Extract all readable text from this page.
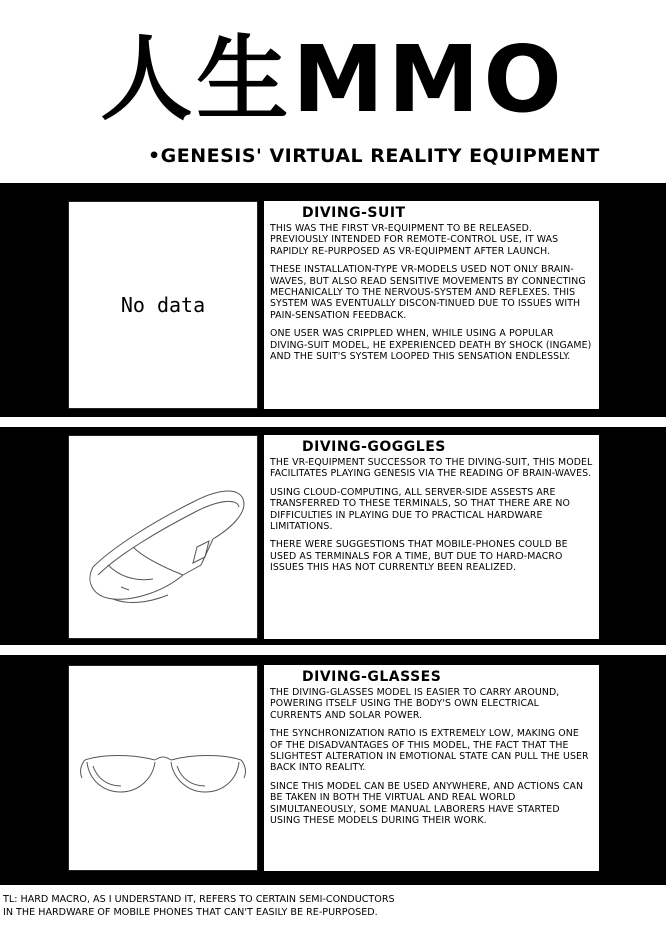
人生MMO
•GENESIS' VIRTUAL REALITY EQUIPMENT
No data
DIVING-SUIT

THIS WAS THE FIRST VR-EQUIPMENT TO BE RELEASED. PREVIOUSLY INTENDED FOR REMOTE-CONTROL USE, IT WAS RAPIDLY RE-PURPOSED AS VR-EQUIPMENT AFTER LAUNCH.

THESE INSTALLATION-TYPE VR-MODELS USED NOT ONLY BRAIN-WAVES, BUT ALSO READ SENSITIVE MOVEMENTS BY CONNECTING MECHANICALLY TO THE NERVOUS-SYSTEM AND REFLEXES. THIS SYSTEM WAS EVENTUALLY DISCON-TINUED DUE TO ISSUES WITH PAIN-SENSATION FEEDBACK.

ONE USER WAS CRIPPLED WHEN, WHILE USING A POPULAR DIVING-SUIT MODEL, HE EXPERIENCED DEATH BY SHOCK (INGAME) AND THE SUIT'S SYSTEM LOOPED THIS SENSATION ENDLESSLY.

DIVING-GOGGLES

THE VR-EQUIPMENT SUCCESSOR TO THE DIVING-SUIT, THIS MODEL FACILITATES PLAYING GENESIS VIA THE READING OF BRAIN-WAVES.

USING CLOUD-COMPUTING, ALL SERVER-SIDE ASSESTS ARE TRANSFERRED TO THESE TERMINALS, SO THAT THERE ARE NO DIFFICULTIES IN PLAYING DUE TO PRACTICAL HARDWARE LIMITATIONS.

THERE WERE SUGGESTIONS THAT MOBILE-PHONES COULD BE USED AS TERMINALS FOR A TIME, BUT DUE TO HARD-MACRO ISSUES THIS HAS NOT CURRENTLY BEEN REALIZED.

DIVING-GLASSES

THE DIVING-GLASSES MODEL IS EASIER TO CARRY AROUND, POWERING ITSELF USING THE BODY'S OWN ELECTRICAL CURRENTS AND SOLAR POWER.

THE SYNCHRONIZATION RATIO IS EXTREMELY LOW, MAKING ONE OF THE DISADVANTAGES OF THIS MODEL, THE FACT THAT THE SLIGHTEST ALTERATION IN EMOTIONAL STATE CAN PULL THE USER BACK INTO REALITY.

SINCE THIS MODEL CAN BE USED ANYWHERE, AND ACTIONS CAN BE TAKEN IN BOTH THE VIRTUAL AND REAL WORLD SIMULTANEOUSLY, SOME MANUAL LABORERS HAVE STARTED USING THESE MODELS DURING THEIR WORK.

TL: HARD MACRO, AS I UNDERSTAND IT, REFERS TO CERTAIN SEMI-CONDUCTORS
IN THE HARDWARE OF MOBILE PHONES THAT CAN'T EASILY BE RE-PURPOSED.
